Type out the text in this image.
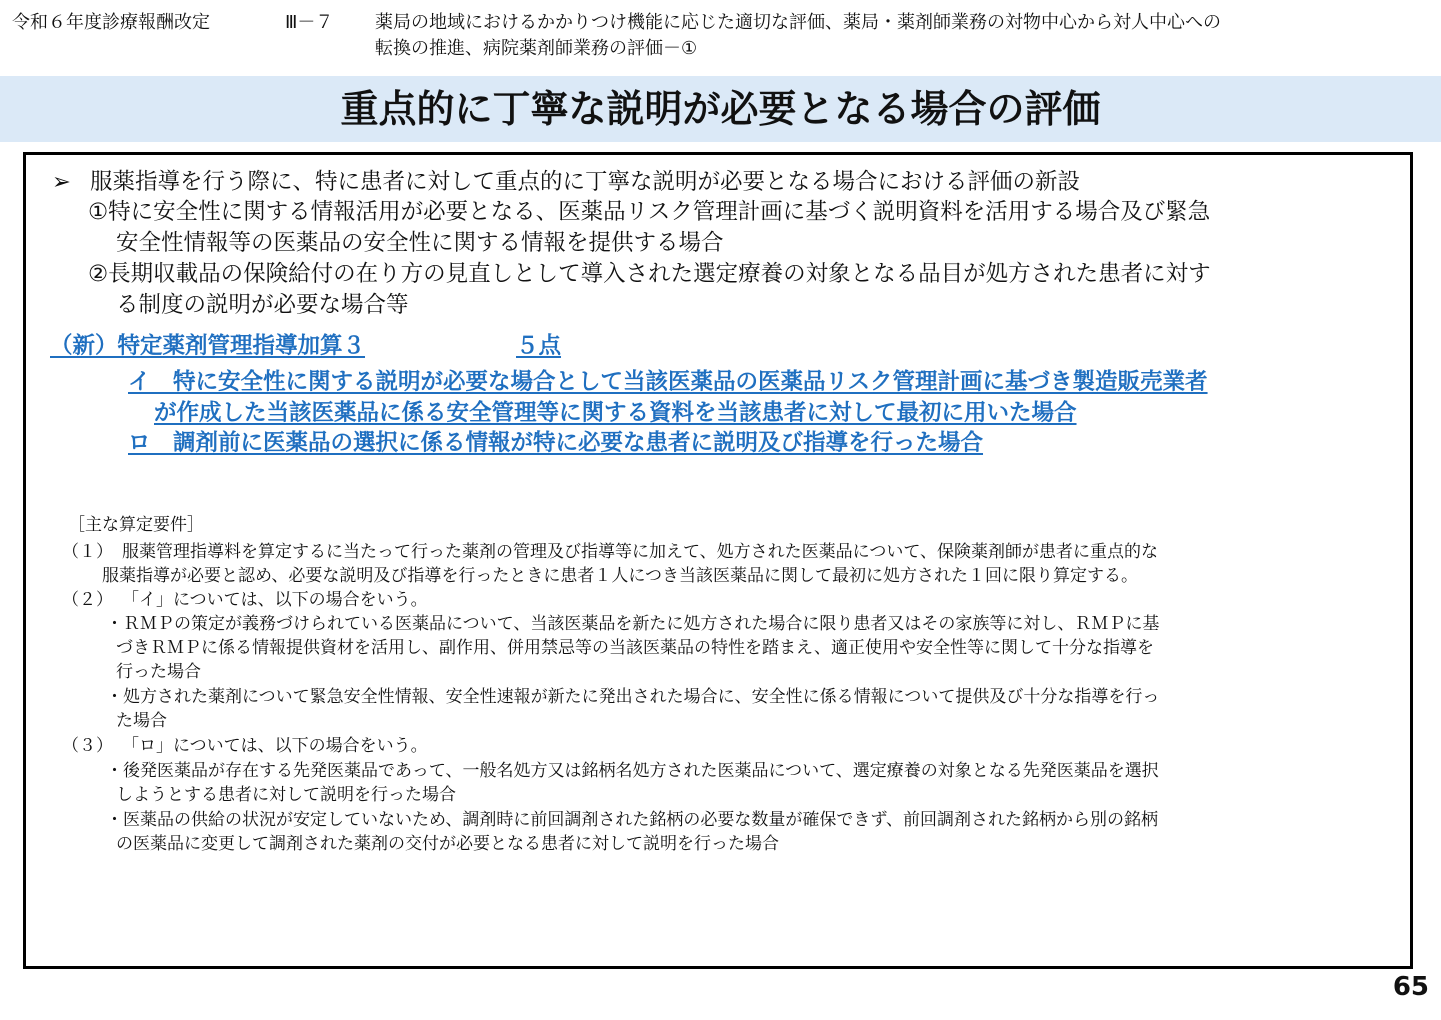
令和６年度診療報酬改定	Ⅲ－７ 薬局の地域におけるかかりつけ機能に応じた適切な評価、薬局・薬剤師業務の対物中心から対人中心への
転換の推進、病院薬剤師業務の評価－①
重点的に丁寧な説明が必要となる場合の評価
➢ 服薬指導を行う際に、特に患者に対して重点的に丁寧な説明が必要となる場合における評価の新設
①特に安全性に関する情報活用が必要となる、医薬品リスク管理計画に基づく説明資料を活用する場合及び緊急
安全性情報等の医薬品の安全性に関する情報を提供する場合
②長期収載品の保険給付の在り方の見直しとして導入された選定療養の対象となる品目が処方された患者に対す
る制度の説明が必要な場合等
（新）特定薬剤管理指導加算３	５点
イ　特に安全性に関する説明が必要な場合として当該医薬品の医薬品リスク管理計画に基づき製造販売業者
が作成した当該医薬品に係る安全管理等に関する資料を当該患者に対して最初に用いた場合
ロ　調剤前に医薬品の選択に係る情報が特に必要な患者に説明及び指導を行った場合
［主な算定要件］
（１） 服薬管理指導料を算定するに当たって行った薬剤の管理及び指導等に加えて、処方された医薬品について、保険薬剤師が患者に重点的な
服薬指導が必要と認め、必要な説明及び指導を行ったときに患者１人につき当該医薬品に関して最初に処方された１回に限り算定する。
（２） 「イ」については、以下の場合をいう。
・ＲＭＰの策定が義務づけられている医薬品について、当該医薬品を新たに処方された場合に限り患者又はその家族等に対し、ＲＭＰに基
づきＲＭＰに係る情報提供資材を活用し、副作用、併用禁忌等の当該医薬品の特性を踏まえ、適正使用や安全性等に関して十分な指導を
行った場合
・処方された薬剤について緊急安全性情報、安全性速報が新たに発出された場合に、安全性に係る情報について提供及び十分な指導を行っ
た場合
（３） 「ロ」については、以下の場合をいう。
・後発医薬品が存在する先発医薬品であって、一般名処方又は銘柄名処方された医薬品について、選定療養の対象となる先発医薬品を選択
しようとする患者に対して説明を行った場合
・医薬品の供給の状況が安定していないため、調剤時に前回調剤された銘柄の必要な数量が確保できず、前回調剤された銘柄から別の銘柄
の医薬品に変更して調剤された薬剤の交付が必要となる患者に対して説明を行った場合
65
